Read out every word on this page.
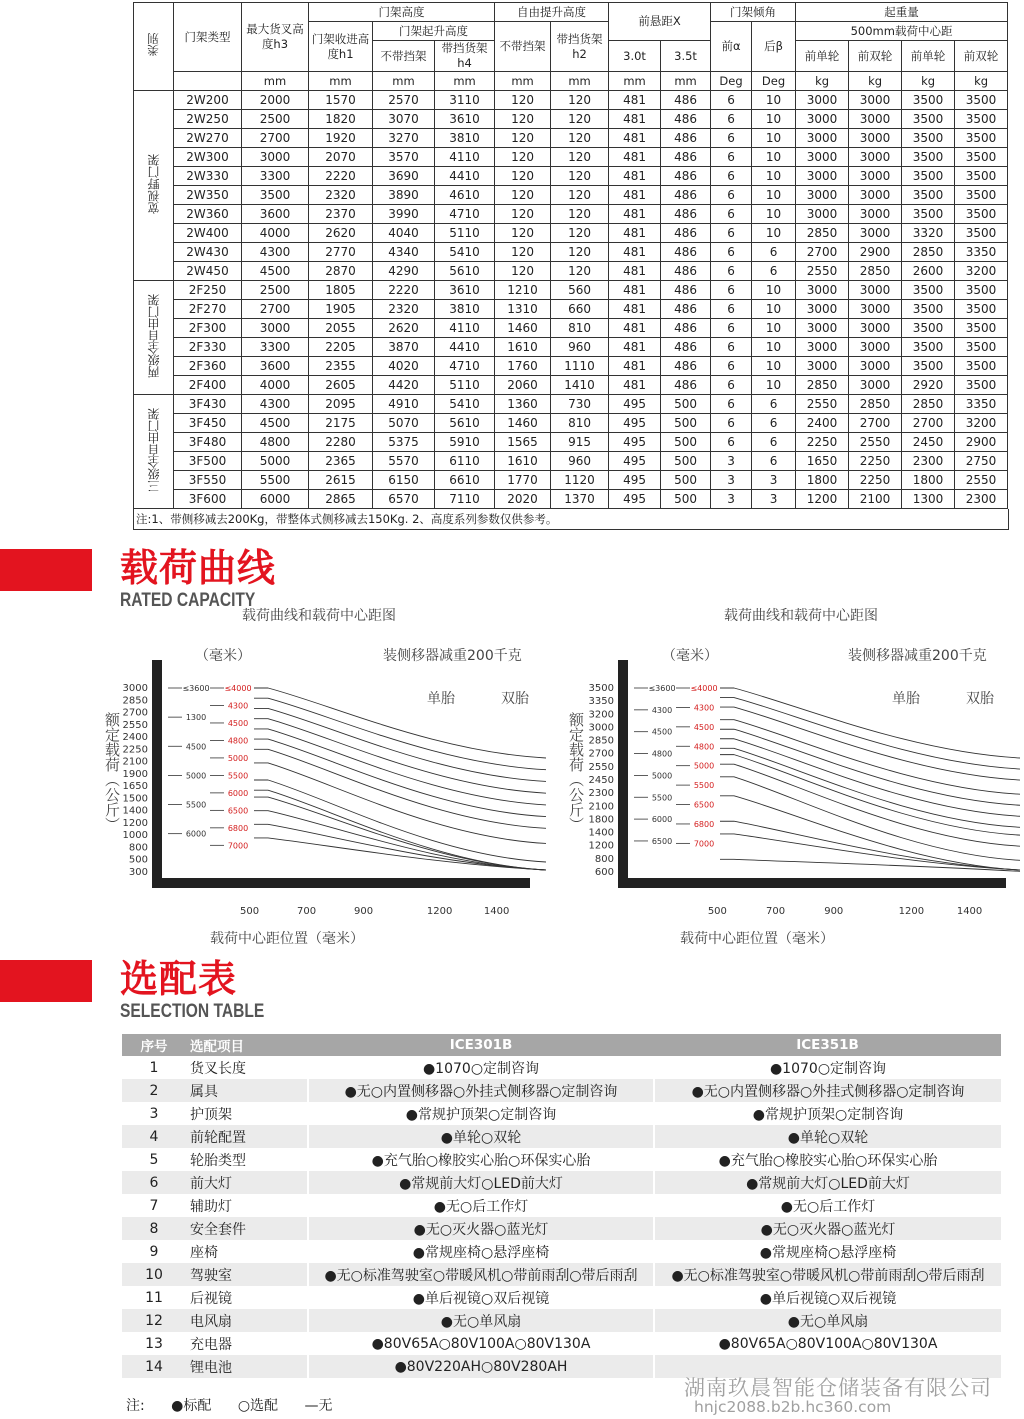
类别	门架类型	最大货叉高度h3	门架高度			自由提升高度		前悬距X		门架倾角		起重量			
			门架收进高度h1	门架起升高度		不带挡架	带挡货架h2			前α	后β	500mm载荷中心距			
				不带挡架	带挡货架h4			3.0t	3.5t			前单轮	前双轮	前单轮	前双轮
		mm	mm	mm	mm	mm	mm	mm	mm	Deg	Deg	kg	kg	kg	kg
宽视野门架	2W200	2000	1570	2570	3110	120	120	481	486	6	10	3000	3000	3500	3500
	2W250	2500	1820	3070	3610	120	120	481	486	6	10	3000	3000	3500	3500
	2W270	2700	1920	3270	3810	120	120	481	486	6	10	3000	3000	3500	3500
	2W300	3000	2070	3570	4110	120	120	481	486	6	10	3000	3000	3500	3500
	2W330	3300	2220	3690	4410	120	120	481	486	6	10	3000	3000	3500	3500
	2W350	3500	2320	3890	4610	120	120	481	486	6	10	3000	3000	3500	3500
	2W360	3600	2370	3990	4710	120	120	481	486	6	10	3000	3000	3500	3500
	2W400	4000	2620	4040	5110	120	120	481	486	6	10	2850	3000	3320	3500
	2W430	4300	2770	4340	5410	120	120	481	486	6	6	2700	2900	2850	3350
	2W450	4500	2870	4290	5610	120	120	481	486	6	6	2550	2850	2600	3200
两级全自由门架	2F250	2500	1805	2220	3610	1210	560	481	486	6	10	3000	3000	3500	3500
	2F270	2700	1905	2320	3810	1310	660	481	486	6	10	3000	3000	3500	3500
	2F300	3000	2055	2620	4110	1460	810	481	486	6	10	3000	3000	3500	3500
	2F330	3300	2205	3870	4410	1610	960	481	486	6	10	3000	3000	3500	3500
	2F360	3600	2355	4020	4710	1760	1110	481	486	6	10	3000	3000	3500	3500
	2F400	4000	2605	4420	5110	2060	1410	481	486	6	10	2850	3000	2920	3500
三级全自由门架	3F430	4300	2095	4910	5410	1360	730	495	500	6	6	2550	2850	2850	3350
	3F450	4500	2175	5070	5610	1460	810	495	500	6	6	2400	2700	2700	3200
	3F480	4800	2280	5375	5910	1565	915	495	500	6	6	2250	2550	2450	2900
	3F500	5000	2365	5570	6110	1610	960	495	500	3	6	1650	2250	2300	2750
	3F550	5500	2615	6150	6610	1770	1120	495	500	3	3	1800	2250	1800	2550
	3F600	6000	2865	6570	7110	2020	1370	495	500	3	3	1200	2100	1300	2300
注:1、带侧移减去200Kg，带整体式侧移减去150Kg. 2、高度系列参数仅供参考。
载荷曲线
RATED CAPACITY
载荷曲线和载荷中心距图
（毫米）	装侧移器减重200千克
单胎	双胎
额定载荷（公斤）
3000
2850
2700
2550
2400
2250
2100
1900
1650
1500
1400
1200
1000
800
500
300
500	700	900	1200	1400
载荷中心距位置（毫米）
≤3600
1300
4500
5000
5500
6000
≤4000
4300
4500
4800
5000
5500
6000
6500
6800
7000
载荷曲线和载荷中心距图
（毫米）	装侧移器减重200千克
单胎	双胎
额定载荷（公斤）
3500
3350
3200
3000
2850
2700
2550
2450
2300
2100
1800
1400
1200
800
600
500	700	900	1200	1400
载荷中心距位置（毫米）
≤3600
4300
4500
4800
5000
5500
6000
6500
≤4000
4300
4500
4800
5000
5500
6500
6800
7000
选配表
SELECTION TABLE
序号	选配项目	ICE301B	ICE351B
1	货叉长度	●1070○定制咨询	●1070○定制咨询
2	属具	●无○内置侧移器○外挂式侧移器○定制咨询	●无○内置侧移器○外挂式侧移器○定制咨询
3	护顶架	●常规护顶架○定制咨询	●常规护顶架○定制咨询
4	前轮配置	●单轮○双轮	●单轮○双轮
5	轮胎类型	●充气胎○橡胶实心胎○环保实心胎	●充气胎○橡胶实心胎○环保实心胎
6	前大灯	●常规前大灯○LED前大灯	●常规前大灯○LED前大灯
7	辅助灯	●无○后工作灯	●无○后工作灯
8	安全套件	●无○灭火器○蓝光灯	●无○灭火器○蓝光灯
9	座椅	●常规座椅○悬浮座椅	●常规座椅○悬浮座椅
10	驾驶室	●无○标准驾驶室○带暖风机○带前雨刮○带后雨刮	●无○标准驾驶室○带暖风机○带前雨刮○带后雨刮
11	后视镜	●单后视镜○双后视镜	●单后视镜○双后视镜
12	电风扇	●无○单风扇	●无○单风扇
13	充电器	●80V65A○80V100A○80V130A	●80V65A○80V100A○80V130A
14	锂电池	●80V220AH○80V280AH	
注: ●标配 ○选配 —无
湖南玖晨智能仓储装备有限公司
hnjc2088.b2b.hc360.com
